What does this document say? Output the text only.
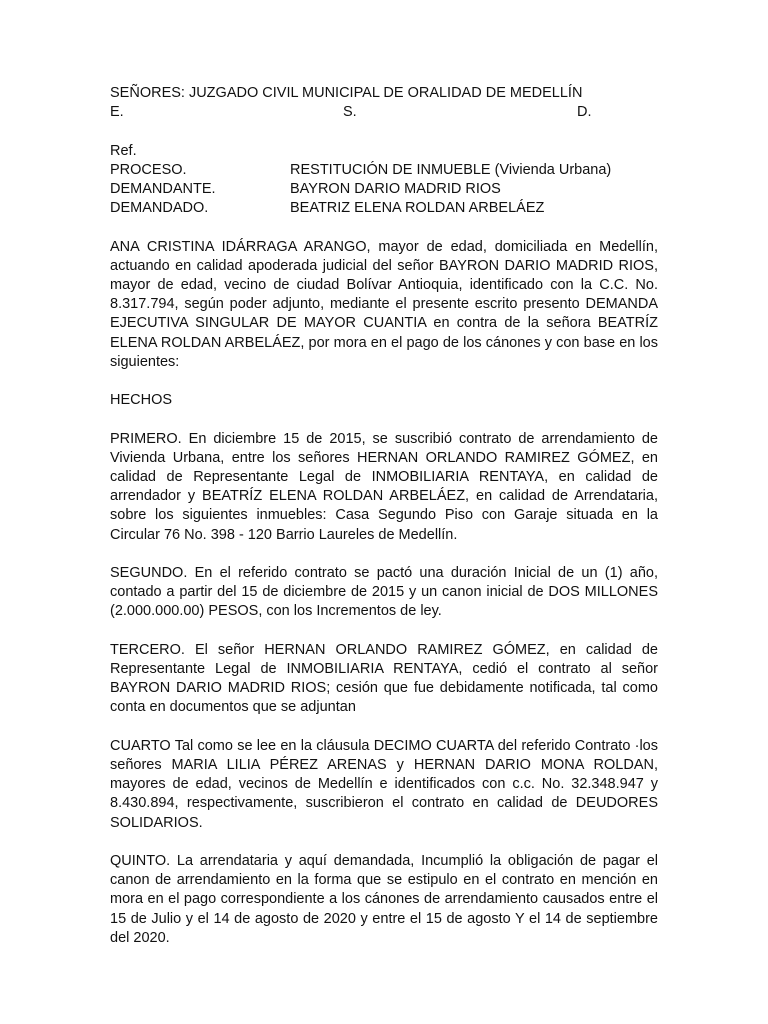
SEÑORES: JUZGADO CIVIL MUNICIPAL DE ORALIDAD DE MEDELLÍN
E.	S.	D.
Ref.
PROCESO.	RESTITUCIÓN DE INMUEBLE (Vivienda Urbana)
DEMANDANTE.	BAYRON DARIO MADRID RIOS
DEMANDADO.	BEATRIZ ELENA ROLDAN ARBELÁEZ

ANA CRISTINA IDÁRRAGA ARANGO, mayor de edad, domiciliada en Medellín, actuando en calidad apoderada judicial del señor BAYRON DARIO MADRID RIOS, mayor de edad, vecino de ciudad Bolívar Antioquia, identificado con la C.C. No. 8.317.794, según poder adjunto, mediante el presente escrito presento DEMANDA EJECUTIVA SINGULAR DE MAYOR CUANTIA en contra de la señora BEATRÍZ ELENA ROLDAN ARBELÁEZ, por mora en el pago de los cánones y con base en los siguientes:

HECHOS

PRIMERO. En diciembre 15 de 2015, se suscribió contrato de arrendamiento de Vivienda Urbana, entre los señores HERNAN ORLANDO RAMIREZ GÓMEZ, en calidad de Representante Legal de INMOBILIARIA RENTAYA, en calidad de arrendador y BEATRÍZ ELENA ROLDAN ARBELÁEZ, en calidad de Arrendataria, sobre los siguientes inmuebles: Casa Segundo Piso con Garaje situada en la Circular 76 No. 398 - 120 Barrio Laureles de Medellín.

SEGUNDO. En el referido contrato se pactó una duración Inicial de un (1) año, contado a partir del 15 de diciembre de 2015 y un canon inicial de DOS MILLONES (2.000.000.00) PESOS, con los Incrementos de ley.

TERCERO. El señor HERNAN ORLANDO RAMIREZ GÓMEZ, en calidad de Representante Legal de INMOBILIARIA RENTAYA, cedió el contrato al señor BAYRON DARIO MADRID RIOS; cesión que fue debidamente notificada, tal como conta en documentos que se adjuntan

CUARTO Tal como se lee en la cláusula DECIMO CUARTA del referido Contrato ·los señores MARIA LILIA PÉREZ ARENAS y HERNAN DARIO MONA ROLDAN, mayores de edad, vecinos de Medellín e identificados con c.c. No. 32.348.947 y 8.430.894, respectivamente, suscribieron el contrato en calidad de DEUDORES SOLIDARIOS.

QUINTO. La arrendataria y aquí demandada, Incumplió la obligación de pagar el canon de arrendamiento en la forma que se estipulo en el contrato en mención en mora en el pago correspondiente a los cánones de arrendamiento causados entre el 15 de Julio y el 14 de agosto de 2020 y entre el 15 de agosto Y el 14 de septiembre del 2020.
